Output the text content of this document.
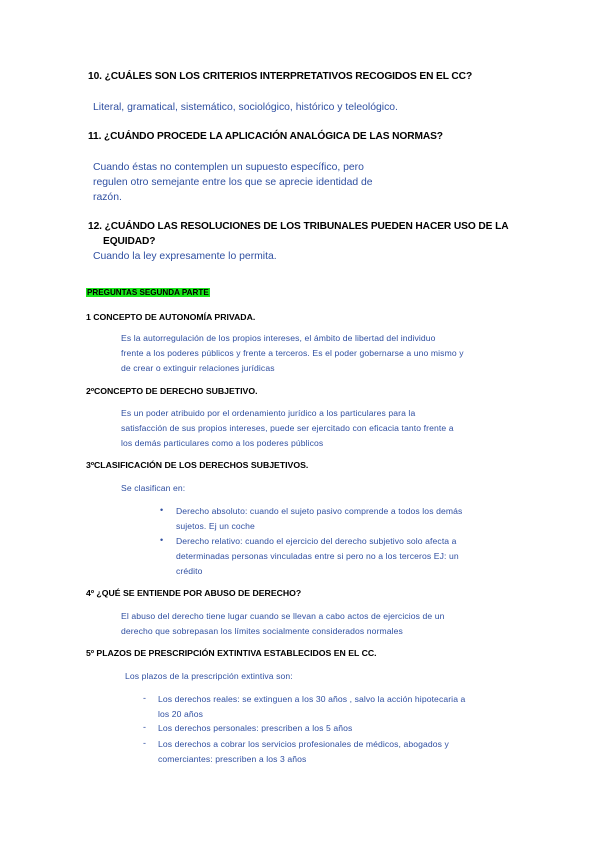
10. ¿CUÁLES SON LOS CRITERIOS INTERPRETATIVOS RECOGIDOS EN EL CC?
Literal, gramatical, sistemático, sociológico, histórico y teleológico.
11. ¿CUÁNDO PROCEDE LA APLICACIÓN ANALÓGICA DE LAS NORMAS?
Cuando éstas no contemplen un supuesto específico, pero
regulen otro semejante entre los que se aprecie identidad de
razón.
12. ¿CUÁNDO LAS RESOLUCIONES DE LOS TRIBUNALES PUEDEN HACER USO DE LA
EQUIDAD?
Cuando la ley expresamente lo permita.
PREGUNTAS SEGUNDA PARTE
1 CONCEPTO DE AUTONOMÍA PRIVADA.
Es la autorregulación de los propios intereses, el ámbito de libertad del individuo
frente a los poderes públicos y frente a terceros. Es el poder gobernarse a uno mismo y
de crear o extinguir relaciones jurídicas
2ºCONCEPTO DE DERECHO SUBJETIVO.
Es un poder atribuido por el ordenamiento jurídico a los particulares para la
satisfacción de sus propios intereses, puede ser ejercitado con eficacia tanto frente a
los demás particulares como a los poderes públicos
3ºCLASIFICACIÓN DE LOS DERECHOS SUBJETIVOS.
Se clasifican en:
• Derecho absoluto: cuando el sujeto pasivo comprende a todos los demás
sujetos. Ej un coche
• Derecho relativo: cuando el ejercicio del derecho subjetivo solo afecta a
determinadas personas vinculadas entre si pero no a los terceros EJ: un
crédito
4º ¿QUÉ SE ENTIENDE POR ABUSO DE DERECHO?
El abuso del derecho tiene lugar cuando se llevan a cabo actos de ejercicios de un
derecho que sobrepasan los límites socialmente considerados normales
5º PLAZOS DE PRESCRIPCIÓN EXTINTIVA ESTABLECIDOS EN EL CC.
Los plazos de la prescripción extintiva son:
- Los derechos reales: se extinguen a los 30 años , salvo la acción hipotecaria a
los 20 años
- Los derechos personales: prescriben a los 5 años
- Los derechos a cobrar los servicios profesionales de médicos, abogados y
comerciantes: prescriben a los 3 años
